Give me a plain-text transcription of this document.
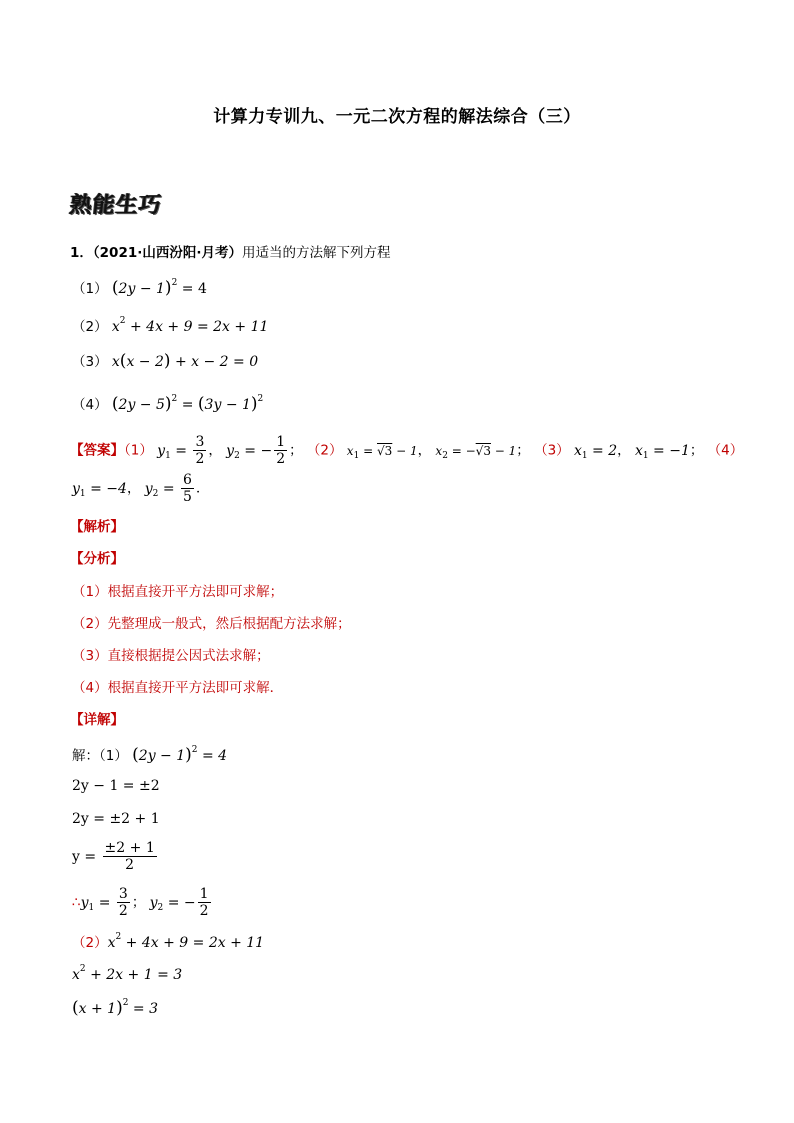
计算力专训九、一元二次方程的解法综合（三）
熟能生巧
1．（2021·山西汾阳·月考）用适当的方法解下列方程
（1） $(2y - 1)^2 = 4$
（2） $x^2 + 4x + 9 = 2x + 11$
（3） x(x − 2) + x − 2 = 0
（4） $(2y - 5)^2 = (3y - 1)^2$
【答案】（1） $y_1 = \frac{3}{2}$ ， $y_2$ = − $\frac{1}{2}$ ； （2） $x_1 = √3 - 1$， $x_2 = -√3 - 1$； （3） $x_1 = 2$， $x_1 = -1$； （4）
$y_1 = -4$， $y_2 = \frac{6}{5}$ ．
【解析】
【分析】
（1）根据直接开平方法即可求解；
（2）先整理成一般式，然后根据配方法求解；
（3）直接根据提公因式法求解；
（4）根据直接开平方法即可求解．
【详解】
解：（1） $(2y - 1)^2 = 4$
2y − 1 = ±2
2y = ±2 + 1
$y = \frac{\pm 2 + 1}{2}$
$\therefore y_1 = \frac{3}{2}$ ； $y_2$ = − $\frac{1}{2}$
$(2)x^2 + 4x + 9 = 2x + 11$
$x^2 + 2x + 1 = 3$
$(x + 1)^2 = 3$
